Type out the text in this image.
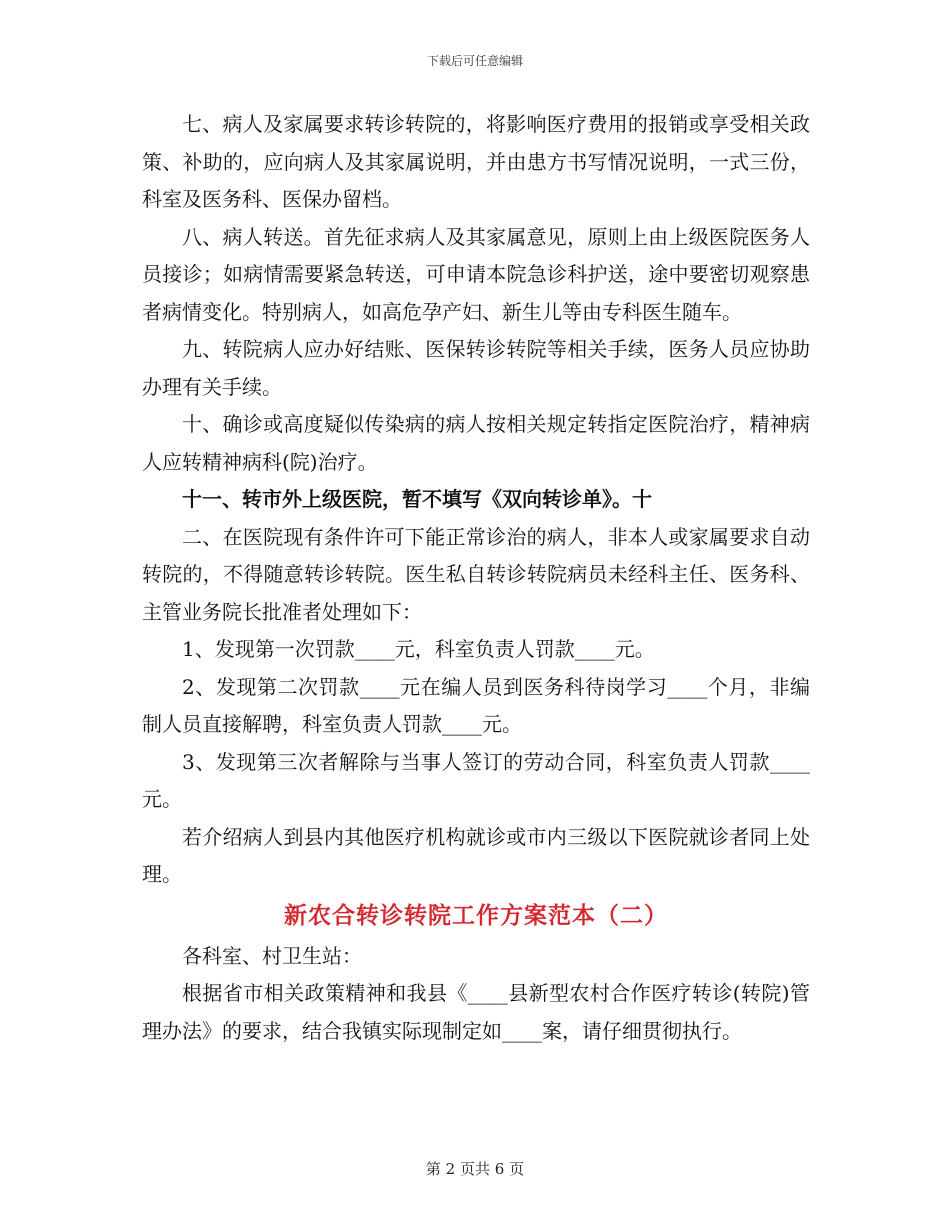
下载后可任意编辑

七、病人及家属要求转诊转院的，将影响医疗费用的报销或享受相关政策、补助的，应向病人及其家属说明，并由患方书写情况说明，一式三份，科室及医务科、医保办留档。

八、病人转送。首先征求病人及其家属意见，原则上由上级医院医务人员接诊；如病情需要紧急转送，可申请本院急诊科护送，途中要密切观察患者病情变化。特别病人，如高危孕产妇、新生儿等由专科医生随车。

九、转院病人应办好结账、医保转诊转院等相关手续，医务人员应协助办理有关手续。

十、确诊或高度疑似传染病的病人按相关规定转指定医院治疗，精神病人应转精神病科(院)治疗。

十一、转市外上级医院，暂不填写《双向转诊单》。十

二、在医院现有条件许可下能正常诊治的病人，非本人或家属要求自动转院的，不得随意转诊转院。医生私自转诊转院病员未经科主任、医务科、主管业务院长批准者处理如下：

1、发现第一次罚款____元，科室负责人罚款____元。

2、发现第二次罚款____元在编人员到医务科待岗学习____个月，非编制人员直接解聘，科室负责人罚款____元。

3、发现第三次者解除与当事人签订的劳动合同，科室负责人罚款____元。

若介绍病人到县内其他医疗机构就诊或市内三级以下医院就诊者同上处理。

新农合转诊转院工作方案范本（二）

各科室、村卫生站：

根据省市相关政策精神和我县《____县新型农村合作医疗转诊(转院)管理办法》的要求，结合我镇实际现制定如____案，请仔细贯彻执行。

第 2 页共 6 页
